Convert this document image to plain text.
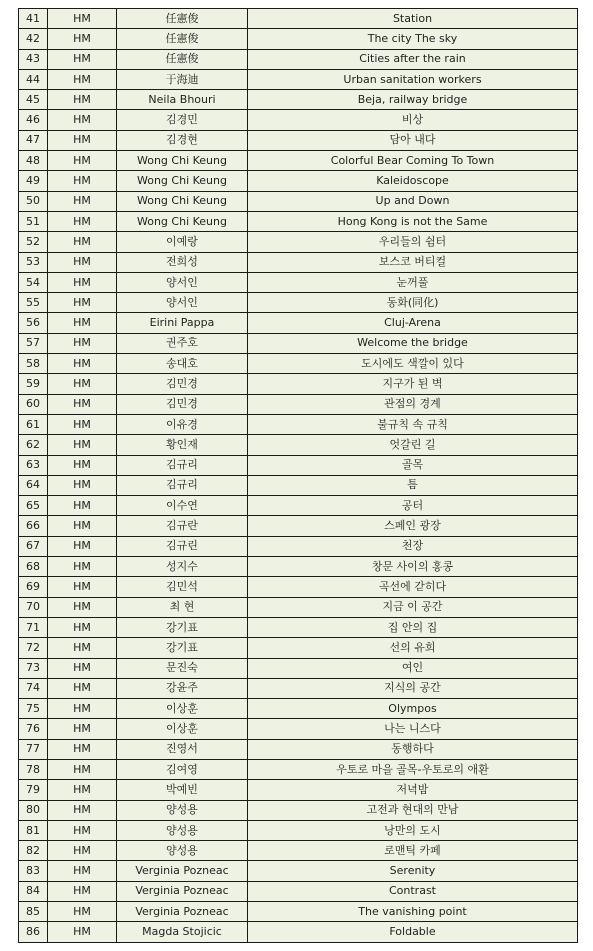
41	HM	任憲俊	Station
42	HM	任憲俊	The city The sky
43	HM	任憲俊	Cities after the rain
44	HM	于海迪	Urban sanitation workers
45	HM	Neila Bhouri	Beja, railway bridge
46	HM	김경민	비상
47	HM	김경현	담아 내다
48	HM	Wong Chi Keung	Colorful Bear Coming To Town
49	HM	Wong Chi Keung	Kaleidoscope
50	HM	Wong Chi Keung	Up and Down
51	HM	Wong Chi Keung	Hong Kong is not the Same
52	HM	이예랑	우리들의 쉼터
53	HM	전희성	보스코 버티컬
54	HM	양서인	눈꺼풀
55	HM	양서인	동화(同化)
56	HM	Eirini Pappa	Cluj-Arena
57	HM	권주호	Welcome the bridge
58	HM	송대호	도시에도 색깔이 있다
59	HM	김민경	지구가 된 벽
60	HM	김민경	관점의 경계
61	HM	이유경	불규칙 속 규칙
62	HM	황인재	엇갈린 길
63	HM	김규리	골목
64	HM	김규리	틈
65	HM	이수연	공터
66	HM	김규란	스페인 광장
67	HM	김규린	천장
68	HM	성지수	창문 사이의 홍콩
69	HM	김민석	곡선에 갇히다
70	HM	최 현	지금 이 공간
71	HM	강기표	집 안의 집
72	HM	강기표	선의 유희
73	HM	문진숙	여인
74	HM	강윤주	지식의 공간
75	HM	이상훈	Olympos
76	HM	이상훈	나는 니스다
77	HM	진영서	동행하다
78	HM	김여영	우토로 마을 골목-우토로의 애환
79	HM	박예빈	저녁밤
80	HM	양성용	고전과 현대의 만남
81	HM	양성용	낭만의 도시
82	HM	양성용	로맨틱 카페
83	HM	Verginia Pozneac	Serenity
84	HM	Verginia Pozneac	Contrast
85	HM	Verginia Pozneac	The vanishing point
86	HM	Magda Stojicic	Foldable
